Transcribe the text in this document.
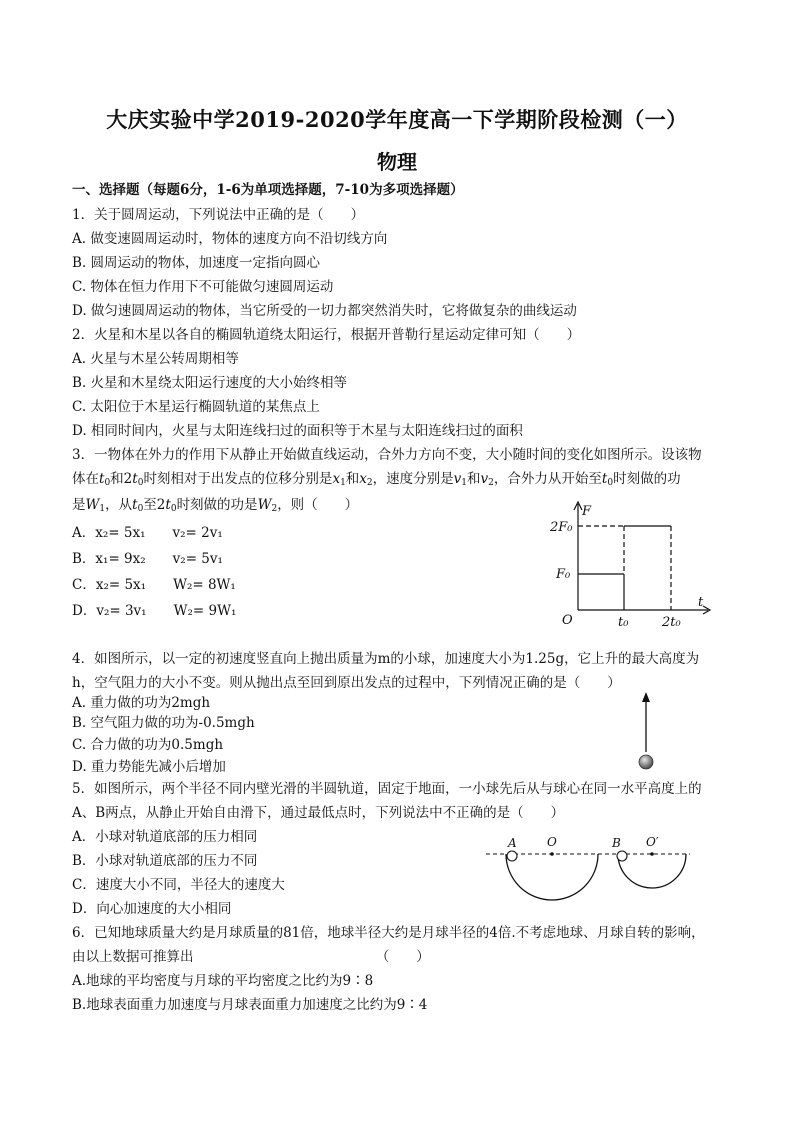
大庆实验中学2019-2020学年度高一下学期阶段检测（一）
物理
一、选择题（每题6分，1-6为单项选择题，7-10为多项选择题）
1．关于圆周运动，下列说法中正确的是（　　）
A. 做变速圆周运动时，物体的速度方向不沿切线方向
B. 圆周运动的物体，加速度一定指向圆心
C. 物体在恒力作用下不可能做匀速圆周运动
D. 做匀速圆周运动的物体，当它所受的一切力都突然消失时，它将做复杂的曲线运动
2．火星和木星以各自的椭圆轨道绕太阳运行，根据开普勒行星运动定律可知（　　）
A. 火星与木星公转周期相等
B. 火星和木星绕太阳运行速度的大小始终相等
C. 太阳位于木星运行椭圆轨道的某焦点上
D. 相同时间内，火星与太阳连线扫过的面积等于木星与太阳连线扫过的面积
3．一物体在外力的作用下从静止开始做直线运动，合外力方向不变，大小随时间的变化如图所示。设该物
体在$t_0$和$2t_0$时刻相对于出发点的位移分别是$x_1$和$x_2$，速度分别是$v_1$和$v_2$，合外力从开始至$t_0$时刻做的功
是$W_1$，从$t_0$至$2t_0$时刻做的功是$W_2$，则（　　）
A．x₂= 5x₁　　v₂= 2v₁
B．x₁= 9x₂　　v₂= 5v₁
C．x₂= 5x₁　　W₂= 8W₁
D．v₂= 3v₁　　W₂= 9W₁
F
t
O
2F₀
F₀
t₀	2t₀
4．如图所示，以一定的初速度竖直向上抛出质量为m的小球，加速度大小为1.25g，它上升的最大高度为
h，空气阻力的大小不变。则从抛出点至回到原出发点的过程中，下列情况正确的是（　　）
A. 重力做的功为2mgh
B. 空气阻力做的功为-0.5mgh
C. 合力做的功为0.5mgh
D. 重力势能先减小后增加
5．如图所示，两个半径不同内壁光滑的半圆轨道，固定于地面，一小球先后从与球心在同一水平高度上的
A、B两点，从静止开始自由滑下，通过最低点时，下列说法中不正确的是（　　）
A．小球对轨道底部的压力相同
B．小球对轨道底部的压力不同
C．速度大小不同，半径大的速度大
D．向心加速度的大小相同
A	O	B O′
6．已知地球质量大约是月球质量的81倍，地球半径大约是月球半径的4倍.不考虑地球、月球自转的影响，
由以上数据可推算出　　　　　　　　　　　　　　（　　）
A.地球的平均密度与月球的平均密度之比约为9∶8
B.地球表面重力加速度与月球表面重力加速度之比约为9∶4
